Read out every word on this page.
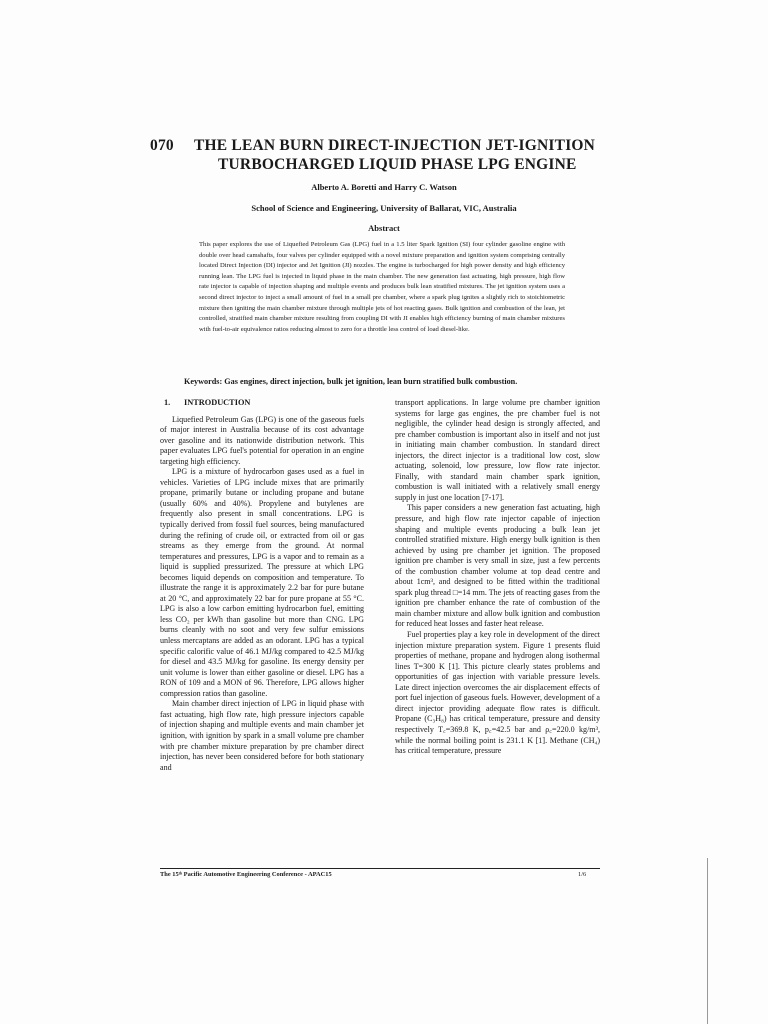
070 THE LEAN BURN DIRECT-INJECTION JET-IGNITION
TURBOCHARGED LIQUID PHASE LPG ENGINE
Alberto A. Boretti and Harry C. Watson
School of Science and Engineering, University of Ballarat, VIC, Australia
Abstract
This paper explores the use of Liquefied Petroleum Gas (LPG) fuel in a 1.5 liter Spark Ignition (SI) four cylinder gasoline engine with double over head camshafts, four valves per cylinder equipped with a novel mixture preparation and ignition system comprising centrally located Direct Injection (DI) injector and Jet Ignition (JI) nozzles. The engine is turbocharged for high power density and high efficiency running lean. The LPG fuel is injected in liquid phase in the main chamber. The new generation fast actuating, high pressure, high flow rate injector is capable of injection shaping and multiple events and produces bulk lean stratified mixtures. The jet ignition system uses a second direct injector to inject a small amount of fuel in a small pre chamber, where a spark plug ignites a slightly rich to stoichiometric mixture then igniting the main chamber mixture through multiple jets of hot reacting gases. Bulk ignition and combustion of the lean, jet controlled, stratified main chamber mixture resulting from coupling DI with JI enables high efficiency burning of main chamber mixtures with fuel-to-air equivalence ratios reducing almost to zero for a throttle less control of load diesel-like.
Keywords: Gas engines, direct injection, bulk jet ignition, lean burn stratified bulk combustion.
1. INTRODUCTION

Liquefied Petroleum Gas (LPG) is one of the gaseous fuels of major interest in Australia because of its cost advantage over gasoline and its nationwide distribution network. This paper evaluates LPG fuel's potential for operation in an engine targeting high efficiency.

LPG is a mixture of hydrocarbon gases used as a fuel in vehicles. Varieties of LPG include mixes that are primarily propane, primarily butane or including propane and butane (usually 60% and 40%). Propylene and butylenes are frequently also present in small concentrations. LPG is typically derived from fossil fuel sources, being manufactured during the refining of crude oil, or extracted from oil or gas streams as they emerge from the ground. At normal temperatures and pressures, LPG is a vapor and to remain as a liquid is supplied pressurized. The pressure at which LPG becomes liquid depends on composition and temperature. To illustrate the range it is approximately 2.2 bar for pure butane at 20 °C, and approximately 22 bar for pure propane at 55 °C. LPG is also a low carbon emitting hydrocarbon fuel, emitting less CO₂ per kWh than gasoline but more than CNG. LPG burns cleanly with no soot and very few sulfur emissions unless mercaptans are added as an odorant. LPG has a typical specific calorific value of 46.1 MJ/kg compared to 42.5 MJ/kg for diesel and 43.5 MJ/kg for gasoline. Its energy density per unit volume is lower than either gasoline or diesel. LPG has a RON of 109 and a MON of 96. Therefore, LPG allows higher compression ratios than gasoline.

Main chamber direct injection of LPG in liquid phase with fast actuating, high flow rate, high pressure injectors capable of injection shaping and multiple events and main chamber jet ignition, with ignition by spark in a small volume pre chamber with pre chamber mixture preparation by pre chamber direct injection, has never been considered before for both stationary and

transport applications. In large volume pre chamber ignition systems for large gas engines, the pre chamber fuel is not negligible, the cylinder head design is strongly affected, and pre chamber combustion is important also in itself and not just in initiating main chamber combustion. In standard direct injectors, the direct injector is a traditional low cost, slow actuating, solenoid, low pressure, low flow rate injector. Finally, with standard main chamber spark ignition, combustion is wall initiated with a relatively small energy supply in just one location [7-17].

This paper considers a new generation fast actuating, high pressure, and high flow rate injector capable of injection shaping and multiple events producing a bulk lean jet controlled stratified mixture. High energy bulk ignition is then achieved by using pre chamber jet ignition. The proposed ignition pre chamber is very small in size, just a few percents of the combustion chamber volume at top dead centre and about 1cm³, and designed to be fitted within the traditional spark plug thread □=14 mm. The jets of reacting gases from the ignition pre chamber enhance the rate of combustion of the main chamber mixture and allow bulk ignition and combustion for reduced heat losses and faster heat release.

Fuel properties play a key role in development of the direct injection mixture preparation system. Figure 1 presents fluid properties of methane, propane and hydrogen along isothermal lines T=300 K [1]. This picture clearly states problems and opportunities of gas injection with variable pressure levels. Late direct injection overcomes the air displacement effects of port fuel injection of gaseous fuels. However, development of a direct injector providing adequate flow rates is difficult. Propane (C₃H₈) has critical temperature, pressure and density respectively T꜀=369.8 K, p꜀=42.5 bar and ρ꜀=220.0 kg/m³, while the normal boiling point is 231.1 K [1]. Methane (CH₄) has critical temperature, pressure

The 15ᵗʰ Pacific Automotive Engineering Conference - APAC15	1/6
